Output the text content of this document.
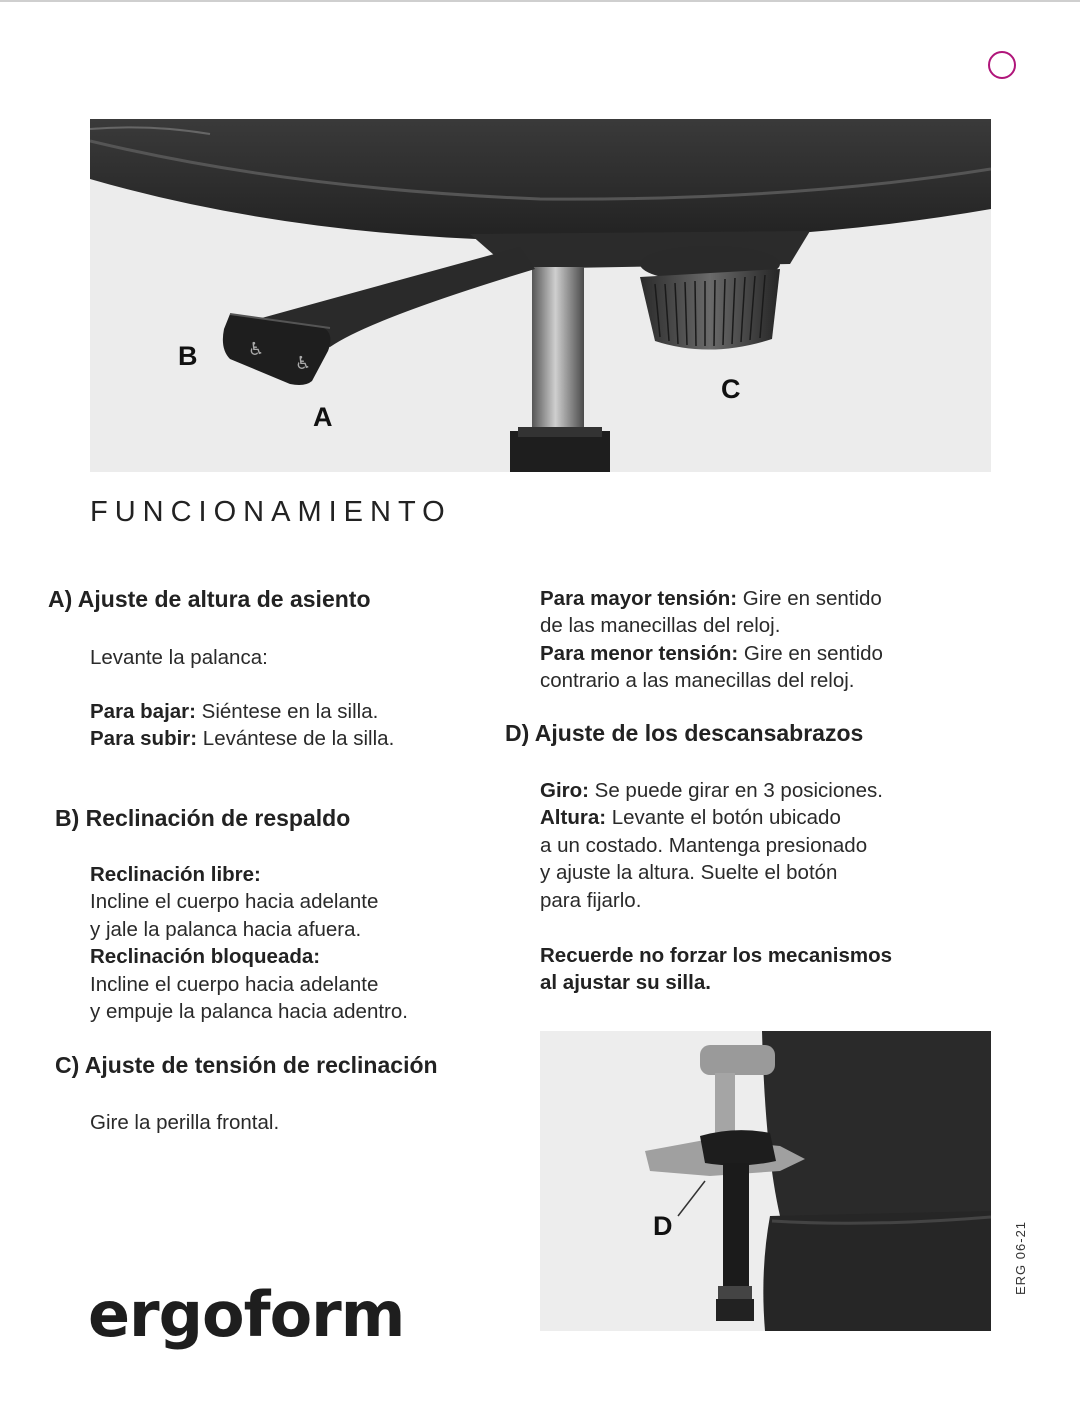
♿
♿
B
A
C
FUNCIONAMIENTO
A) Ajuste de altura de asiento
Levante la palanca:
Para bajar: Siéntese en la silla.
Para subir: Levántese de la silla.
B) Reclinación de respaldo
Reclinación libre:
Incline el cuerpo hacia adelante
y jale la palanca hacia afuera.
Reclinación bloqueada:
Incline el cuerpo hacia adelante
y empuje la palanca hacia adentro.
C) Ajuste de tensión de reclinación
Gire la perilla frontal.
Para mayor tensión: Gire en sentido
de las manecillas del reloj.
Para menor tensión: Gire en sentido
contrario a las manecillas del reloj.
D) Ajuste de los descansabrazos
Giro: Se puede girar en 3 posiciones.
Altura: Levante el botón ubicado
a un costado. Mantenga presionado
y ajuste la altura. Suelte el botón
para fijarlo.
Recuerde no forzar los mecanismos
al ajustar su silla.
D
ergoform
ERG 06-21
